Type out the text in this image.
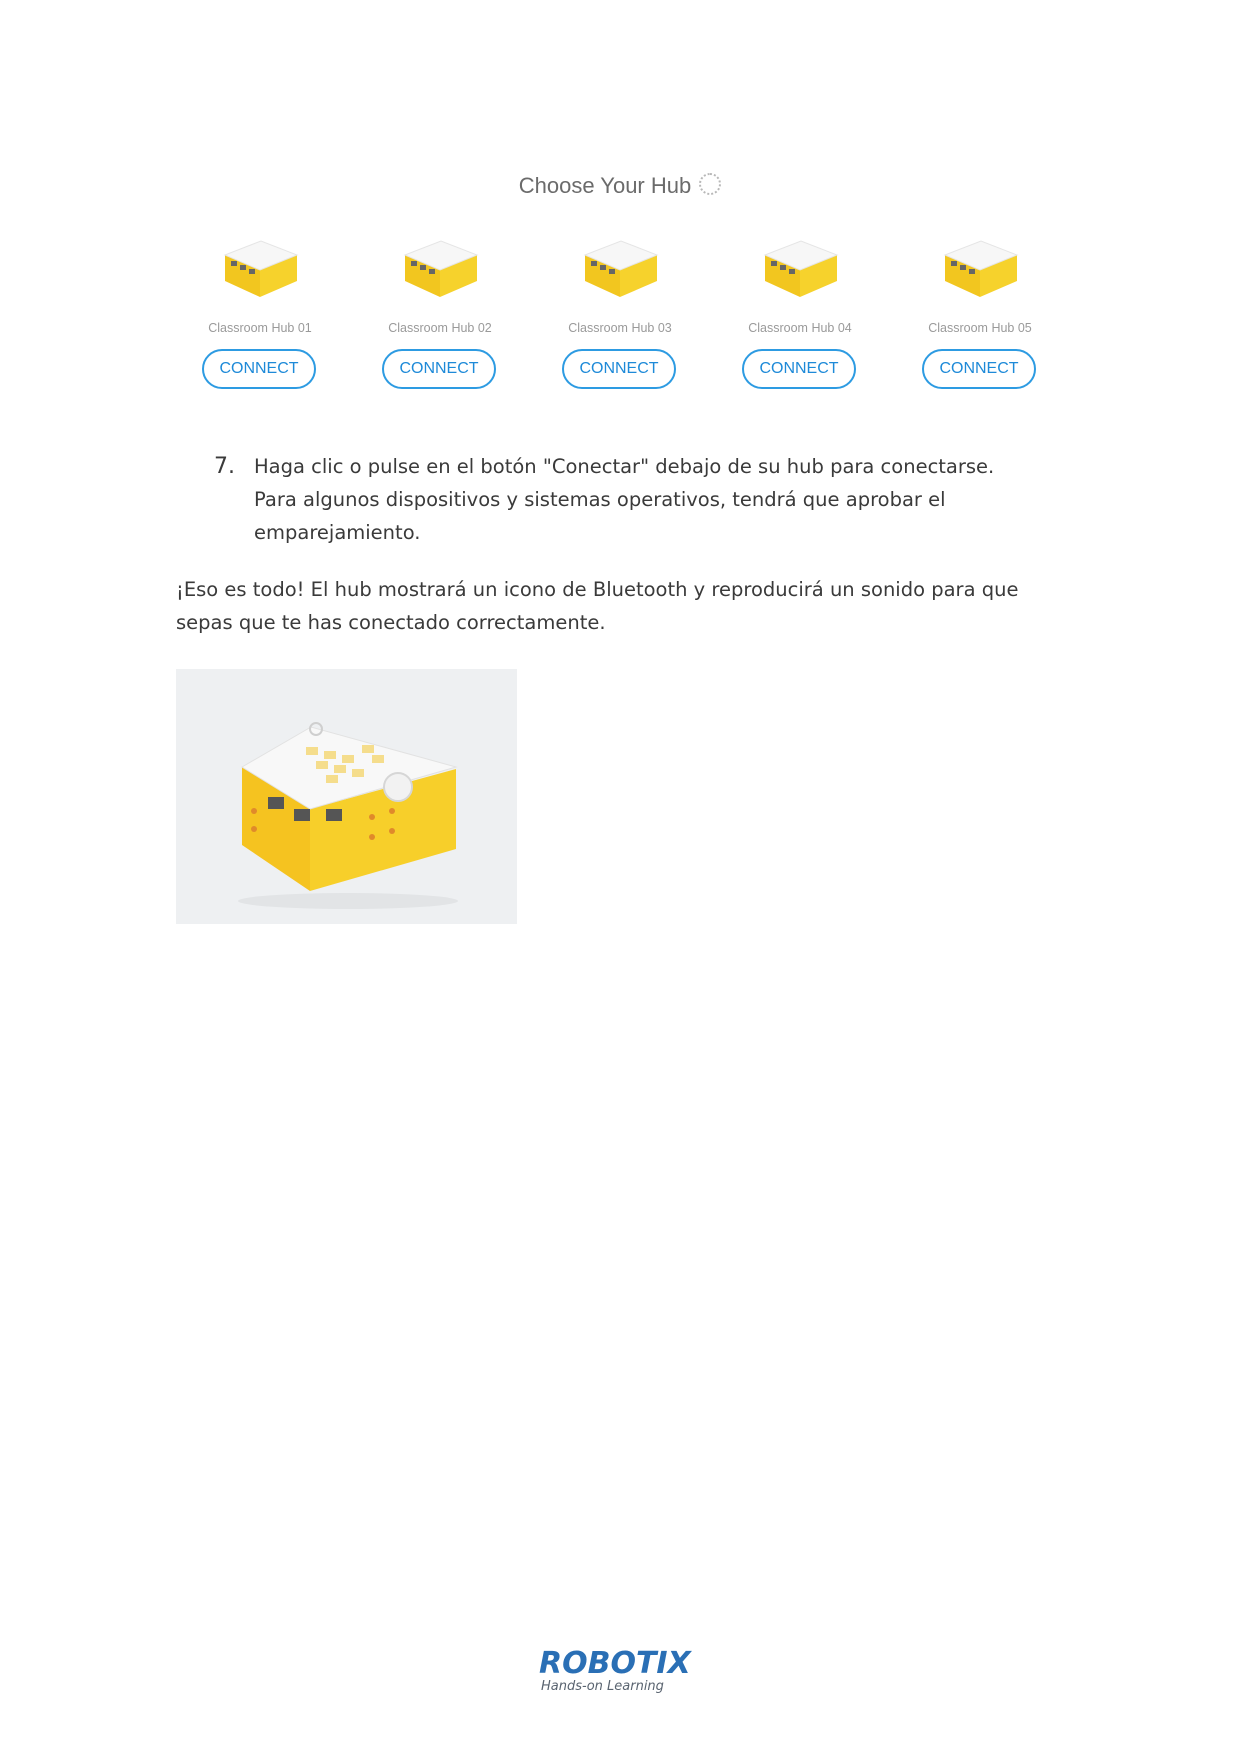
Choose Your Hub
Classroom Hub 01
CONNECT
Classroom Hub 02
CONNECT
Classroom Hub 03
CONNECT
Classroom Hub 04
CONNECT
Classroom Hub 05
CONNECT
7. Haga clic o pulse en el botón "Conectar" debajo de su hub para conectarse.
Para algunos dispositivos y sistemas operativos, tendrá que aprobar el
emparejamiento.
¡Eso es todo! El hub mostrará un icono de Bluetooth y reproducirá un sonido para que
sepas que te has conectado correctamente.
ROBOTIX
Hands-on Learning
